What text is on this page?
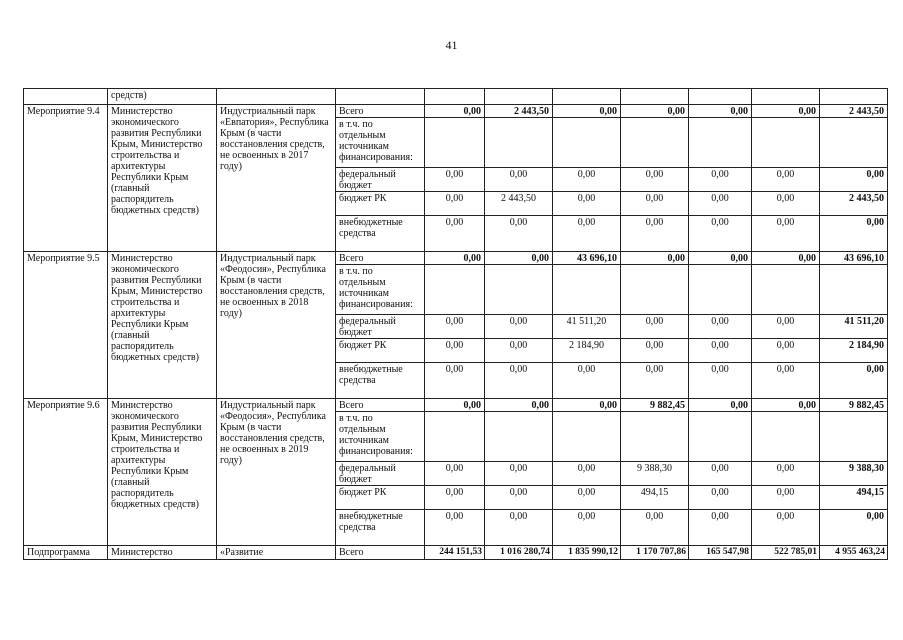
41
	средств)									
Мероприятие 9.4	Министерство экономического развития Республики Крым, Министерство строительства и архитектуры Республики Крым (главный распорядитель бюджетных средств)	Индустриальный парк «Евпатория», Республика Крым (в части восстановления средств, не освоенных в 2017 году)	Всего	0,00	2 443,50	0,00	0,00	0,00	0,00	2 443,50
			в т.ч. по отдельным источникам финансирования:							
			федеральный бюджет	0,00	0,00	0,00	0,00	0,00	0,00	0,00
			бюджет РК	0,00	2 443,50	0,00	0,00	0,00	0,00	2 443,50
			внебюджетные средства	0,00	0,00	0,00	0,00	0,00	0,00	0,00
Мероприятие 9.5	Министерство экономического развития Республики Крым, Министерство строительства и архитектуры Республики Крым (главный распорядитель бюджетных средств)	Индустриальный парк «Феодосия», Республика Крым (в части восстановления средств, не освоенных в 2018 году)	Всего	0,00	0,00	43 696,10	0,00	0,00	0,00	43 696,10
			в т.ч. по отдельным источникам финансирования:							
			федеральный бюджет	0,00	0,00	41 511,20	0,00	0,00	0,00	41 511,20
			бюджет РК	0,00	0,00	2 184,90	0,00	0,00	0,00	2 184,90
			внебюджетные средства	0,00	0,00	0,00	0,00	0,00	0,00	0,00
Мероприятие 9.6	Министерство экономического развития Республики Крым, Министерство строительства и архитектуры Республики Крым (главный распорядитель бюджетных средств)	Индустриальный парк «Феодосия», Республика Крым (в части восстановления средств, не освоенных в 2019 году)	Всего	0,00	0,00	0,00	9 882,45	0,00	0,00	9 882,45
			в т.ч. по отдельным источникам финансирования:							
			федеральный бюджет	0,00	0,00	0,00	9 388,30	0,00	0,00	9 388,30
			бюджет РК	0,00	0,00	0,00	494,15	0,00	0,00	494,15
			внебюджетные средства	0,00	0,00	0,00	0,00	0,00	0,00	0,00
Подпрограмма	Министерство	«Развитие	Всего	244 151,53	1 016 280,74	1 835 990,12	1 170 707,86	165 547,98	522 785,01	4 955 463,24
